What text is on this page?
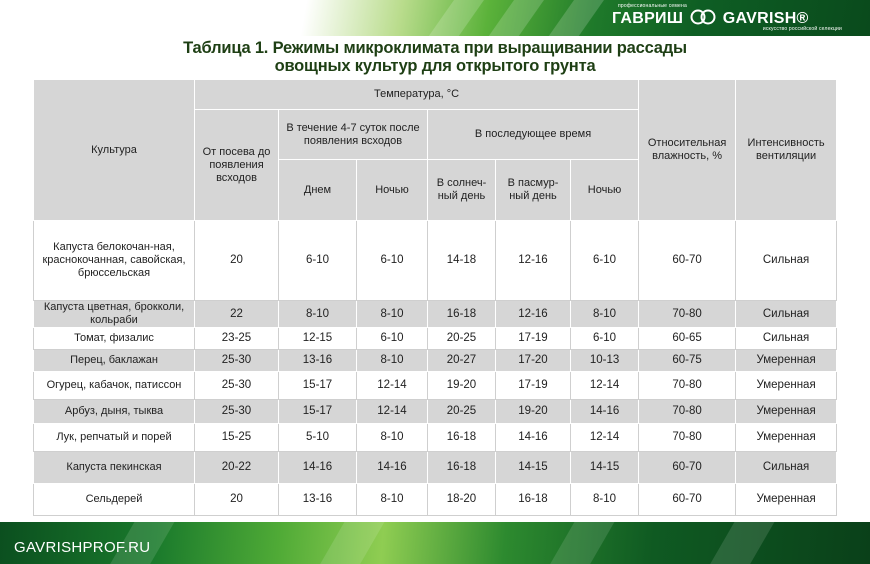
профессиональные семена
ГАВРИШ GAVRISH®
искусство российской селекции
Таблица 1. Режимы микроклимата при выращивании рассады
овощных культур для открытого грунта
Культура	Температура, °С						Относительная влажность, %	Интенсивность вентиляции
	От посева до появления всходов	В течение 4-7 суток после появления всходов		В последующее время				
		Днем	Ночью	В солнеч-ный день	В пасмур-ный день	Ночью		
Капуста белокочан-ная, краснокочанная, савойская, брюссельская	20	6-10	6-10	14-18	12-16	6-10	60-70	Сильная
Капуста цветная, брокколи, кольраби	22	8-10	8-10	16-18	12-16	8-10	70-80	Сильная
Томат, физалис	23-25	12-15	6-10	20-25	17-19	6-10	60-65	Сильная
Перец, баклажан	25-30	13-16	8-10	20-27	17-20	10-13	60-75	Умеренная
Огурец, кабачок, патиссон	25-30	15-17	12-14	19-20	17-19	12-14	70-80	Умеренная
Арбуз, дыня, тыква	25-30	15-17	12-14	20-25	19-20	14-16	70-80	Умеренная
Лук, репчатый и порей	15-25	5-10	8-10	16-18	14-16	12-14	70-80	Умеренная
Капуста пекинская	20-22	14-16	14-16	16-18	14-15	14-15	60-70	Сильная
Сельдерей	20	13-16	8-10	18-20	16-18	8-10	60-70	Умеренная
GAVRISHPROF.RU
